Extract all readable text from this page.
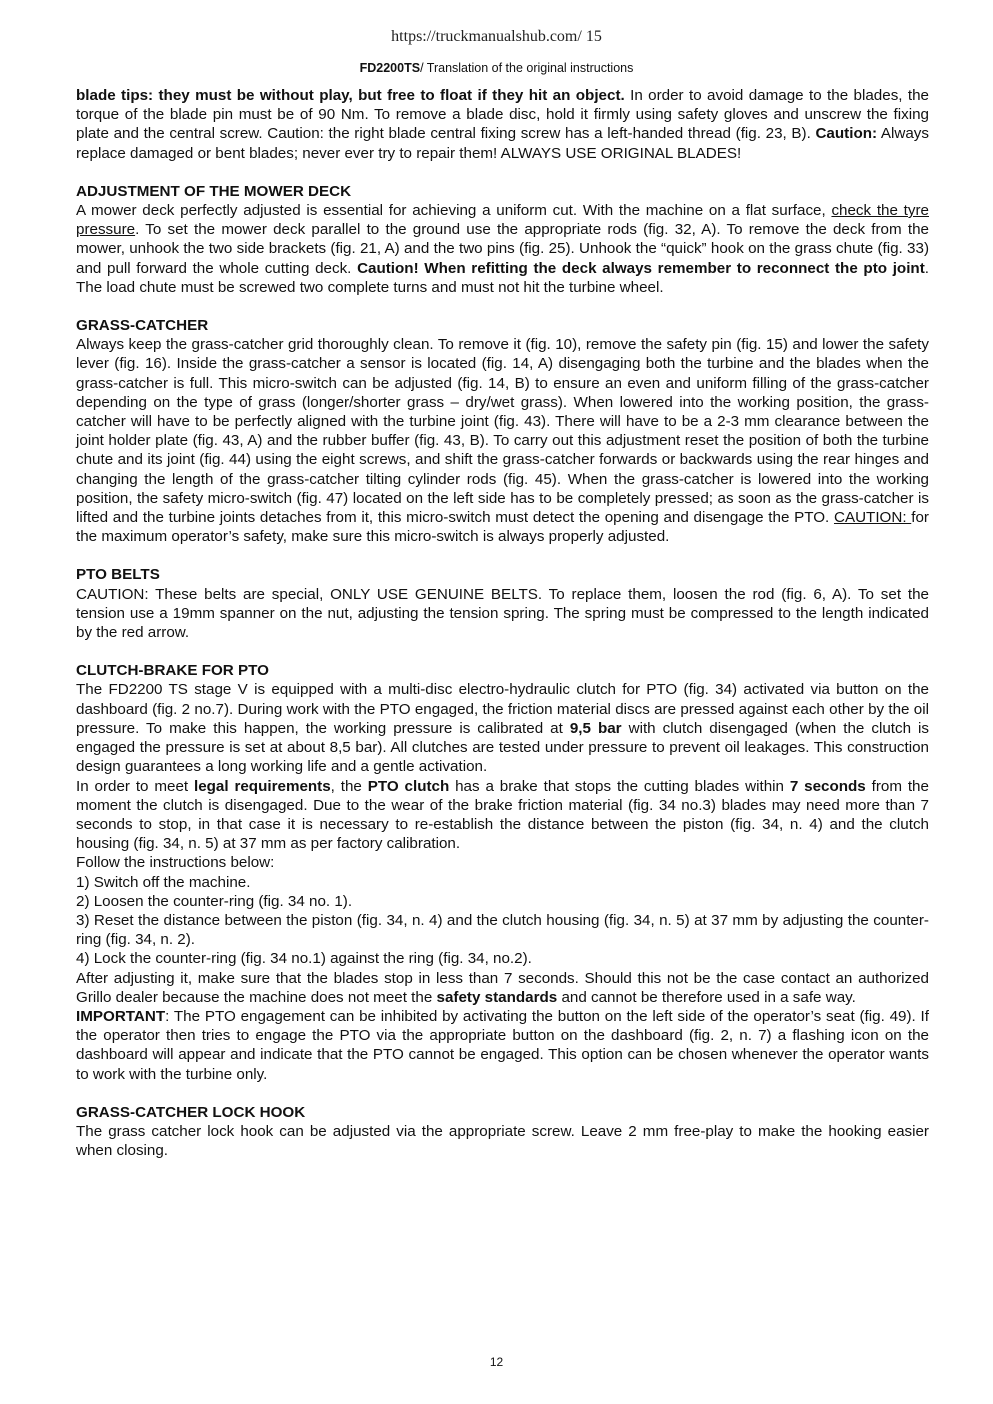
https://truckmanualshub.com/ 15
FD2200TS/ Translation of the original instructions

blade tips: they must be without play, but free to float if they hit an object. In order to avoid damage to the blades, the torque of the blade pin must be of 90 Nm. To remove a blade disc, hold it firmly using safety gloves and unscrew the fixing plate and the central screw. Caution: the right blade central fixing screw has a left-handed thread (fig. 23, B). Caution: Always replace damaged or bent blades; never ever try to repair them! ALWAYS USE ORIGINAL BLADES!

ADJUSTMENT OF THE MOWER DECK

A mower deck perfectly adjusted is essential for achieving a uniform cut. With the machine on a flat surface, check the tyre pressure. To set the mower deck parallel to the ground use the appropriate rods (fig. 32, A). To remove the deck from the mower, unhook the two side brackets (fig. 21, A) and the two pins (fig. 25). Unhook the “quick” hook on the grass chute (fig. 33) and pull forward the whole cutting deck. Caution! When refitting the deck always remember to reconnect the pto joint. The load chute must be screwed two complete turns and must not hit the turbine wheel.

GRASS-CATCHER

Always keep the grass-catcher grid thoroughly clean. To remove it (fig. 10), remove the safety pin (fig. 15) and lower the safety lever (fig. 16). Inside the grass-catcher a sensor is located (fig. 14, A) disengaging both the turbine and the blades when the grass-catcher is full. This micro-switch can be adjusted (fig. 14, B) to ensure an even and uniform filling of the grass-catcher depending on the type of grass (longer/shorter grass – dry/wet grass). When lowered into the working position, the grass-catcher will have to be perfectly aligned with the turbine joint (fig. 43). There will have to be a 2-3 mm clearance between the joint holder plate (fig. 43, A) and the rubber buffer (fig. 43, B). To carry out this adjustment reset the position of both the turbine chute and its joint (fig. 44) using the eight screws, and shift the grass-catcher forwards or backwards using the rear hinges and changing the length of the grass-catcher tilting cylinder rods (fig. 45). When the grass-catcher is lowered into the working position, the safety micro-switch (fig. 47) located on the left side has to be completely pressed; as soon as the grass-catcher is lifted and the turbine joints detaches from it, this micro-switch must detect the opening and disengage the PTO. CAUTION: for the maximum operator’s safety, make sure this micro-switch is always properly adjusted.

PTO BELTS

CAUTION: These belts are special, ONLY USE GENUINE BELTS. To replace them, loosen the rod (fig. 6, A). To set the tension use a 19mm spanner on the nut, adjusting the tension spring. The spring must be compressed to the length indicated by the red arrow.

CLUTCH-BRAKE FOR PTO

The FD2200 TS stage V is equipped with a multi-disc electro-hydraulic clutch for PTO (fig. 34) activated via button on the dashboard (fig. 2 no.7). During work with the PTO engaged, the friction material discs are pressed against each other by the oil pressure. To make this happen, the working pressure is calibrated at 9,5 bar with clutch disengaged (when the clutch is engaged the pressure is set at about 8,5 bar). All clutches are tested under pressure to prevent oil leakages. This construction design guarantees a long working life and a gentle activation.

In order to meet legal requirements, the PTO clutch has a brake that stops the cutting blades within 7 seconds from the moment the clutch is disengaged. Due to the wear of the brake friction material (fig. 34 no.3) blades may need more than 7 seconds to stop, in that case it is necessary to re-establish the distance between the piston (fig. 34, n. 4) and the clutch housing (fig. 34, n. 5) at 37 mm as per factory calibration.

Follow the instructions below:

1) Switch off the machine.

2) Loosen the counter-ring (fig. 34 no. 1).

3) Reset the distance between the piston (fig. 34, n. 4) and the clutch housing (fig. 34, n. 5) at 37 mm by adjusting the counter-ring (fig. 34, n. 2).

4) Lock the counter-ring (fig. 34 no.1) against the ring (fig. 34, no.2).

After adjusting it, make sure that the blades stop in less than 7 seconds. Should this not be the case contact an authorized Grillo dealer because the machine does not meet the safety standards and cannot be therefore used in a safe way.

IMPORTANT: The PTO engagement can be inhibited by activating the button on the left side of the operator’s seat (fig. 49). If the operator then tries to engage the PTO via the appropriate button on the dashboard (fig. 2, n. 7) a flashing icon on the dashboard will appear and indicate that the PTO cannot be engaged. This option can be chosen whenever the operator wants to work with the turbine only.

GRASS-CATCHER LOCK HOOK

The grass catcher lock hook can be adjusted via the appropriate screw. Leave 2 mm free-play to make the hooking easier when closing.

12
